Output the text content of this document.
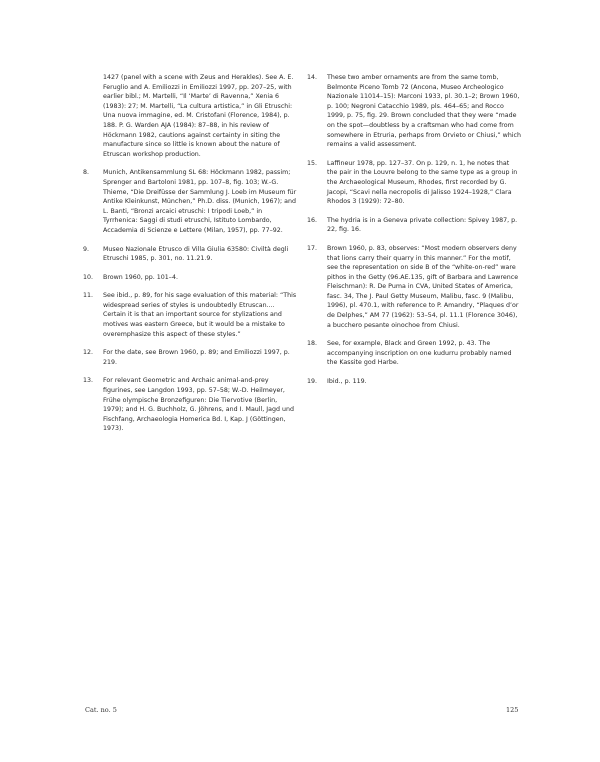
1427 (panel with a scene with Zeus and Herakles). See A. E. Feruglio and A. Emiliozzi in Emiliozzi 1997, pp. 207–25, with earlier bibl.; M. Martelli, “Il ‘Marte’ di Ravenna,” Xenia 6 (1983): 27; M. Martelli, “La cultura artistica,” in Gli Etruschi: Una nuova immagine, ed. M. Cristofani (Florence, 1984), p. 188. P. G. Warden AJA (1984): 87–88, in his review of Höckmann 1982, cautions against certainty in siting the manufacture since so little is known about the nature of Etruscan workshop production.
8. Munich, Antikensammlung SL 68: Höckmann 1982, passim; Sprenger and Bartoloni 1981, pp. 107–8, fig. 103; W.-G. Thieme, “Die Dreifüsse der Sammlung J. Loeb im Museum für Antike Kleinkunst, München,” Ph.D. diss. (Munich, 1967); and L. Banti, “Bronzi arcaici etruschi: I tripodi Loeb,” in Tyrrhenica: Saggi di studi etruschi, Istituto Lombardo, Accademia di Scienze e Lettere (Milan, 1957), pp. 77–92.
9. Museo Nazionale Etrusco di Villa Giulia 63580: Civiltà degli Etruschi 1985, p. 301, no. 11.21.9.
10. Brown 1960, pp. 101–4.
11. See ibid., p. 89, for his sage evaluation of this material: “This widespread series of styles is undoubtedly Etruscan.... Certain it is that an important source for stylizations and motives was eastern Greece, but it would be a mistake to overemphasize this aspect of these styles.”
12. For the date, see Brown 1960, p. 89; and Emiliozzi 1997, p. 219.
13. For relevant Geometric and Archaic animal-and-prey figurines, see Langdon 1993, pp. 57–58; W.-D. Heilmeyer, Frühe olympische Bronzefiguren: Die Tiervotive (Berlin, 1979); and H. G. Buchholz, G. Jöhrens, and I. Maull, Jagd und Fischfang, Archaeologia Homerica Bd. I, Kap. J (Göttingen, 1973).
14. These two amber ornaments are from the same tomb, Belmonte Piceno Tomb 72 (Ancona, Museo Archeologico Nazionale 11014–15): Marconi 1933, pl. 30.1–2; Brown 1960, p. 100; Negroni Catacchio 1989, pls. 464–65; and Rocco 1999, p. 75, fig. 29. Brown concluded that they were “made on the spot—doubtless by a craftsman who had come from somewhere in Etruria, perhaps from Orvieto or Chiusi,” which remains a valid assessment.
15. Laffineur 1978, pp. 127–37. On p. 129, n. 1, he notes that the pair in the Louvre belong to the same type as a group in the Archaeological Museum, Rhodes, first recorded by G. Jacopi, “Scavi nella necropolis di Jalisso 1924–1928,” Clara Rhodos 3 (1929): 72–80.
16. The hydria is in a Geneva private collection: Spivey 1987, p. 22, fig. 16.
17. Brown 1960, p. 83, observes: “Most modern observers deny that lions carry their quarry in this manner.” For the motif, see the representation on side B of the “white-on-red” ware pithos in the Getty (96.AE.135, gift of Barbara and Lawrence Fleischman): R. De Puma in CVA, United States of America, fasc. 34, The J. Paul Getty Museum, Malibu, fasc. 9 (Malibu, 1996), pl. 470.1, with reference to P. Amandry, “Plaques d’or de Delphes,” AM 77 (1962): 53–54, pl. 11.1 (Florence 3046), a bucchero pesante oinochoe from Chiusi.
18. See, for example, Black and Green 1992, p. 43. The accompanying inscription on one kudurru probably named the Kassite god Harbe.
19. Ibid., p. 119.
Cat. no. 5	125
